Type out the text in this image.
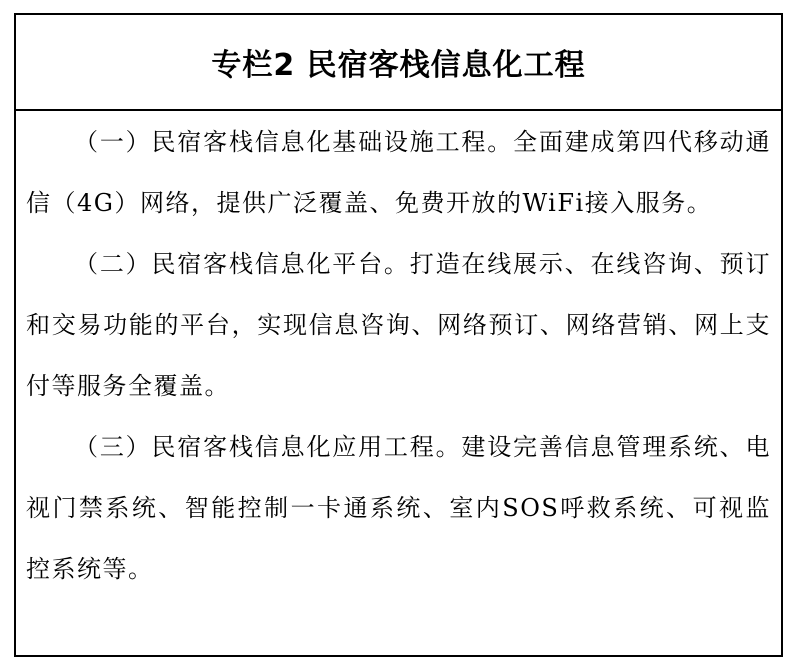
专栏2 民宿客栈信息化工程

（一）民宿客栈信息化基础设施工程。全面建成第四代移动通信（4G）网络，提供广泛覆盖、免费开放的WiFi接入服务。

（二）民宿客栈信息化平台。打造在线展示、在线咨询、预订和交易功能的平台，实现信息咨询、网络预订、网络营销、网上支付等服务全覆盖。

（三）民宿客栈信息化应用工程。建设完善信息管理系统、电视门禁系统、智能控制一卡通系统、室内SOS呼救系统、可视监控系统等。
